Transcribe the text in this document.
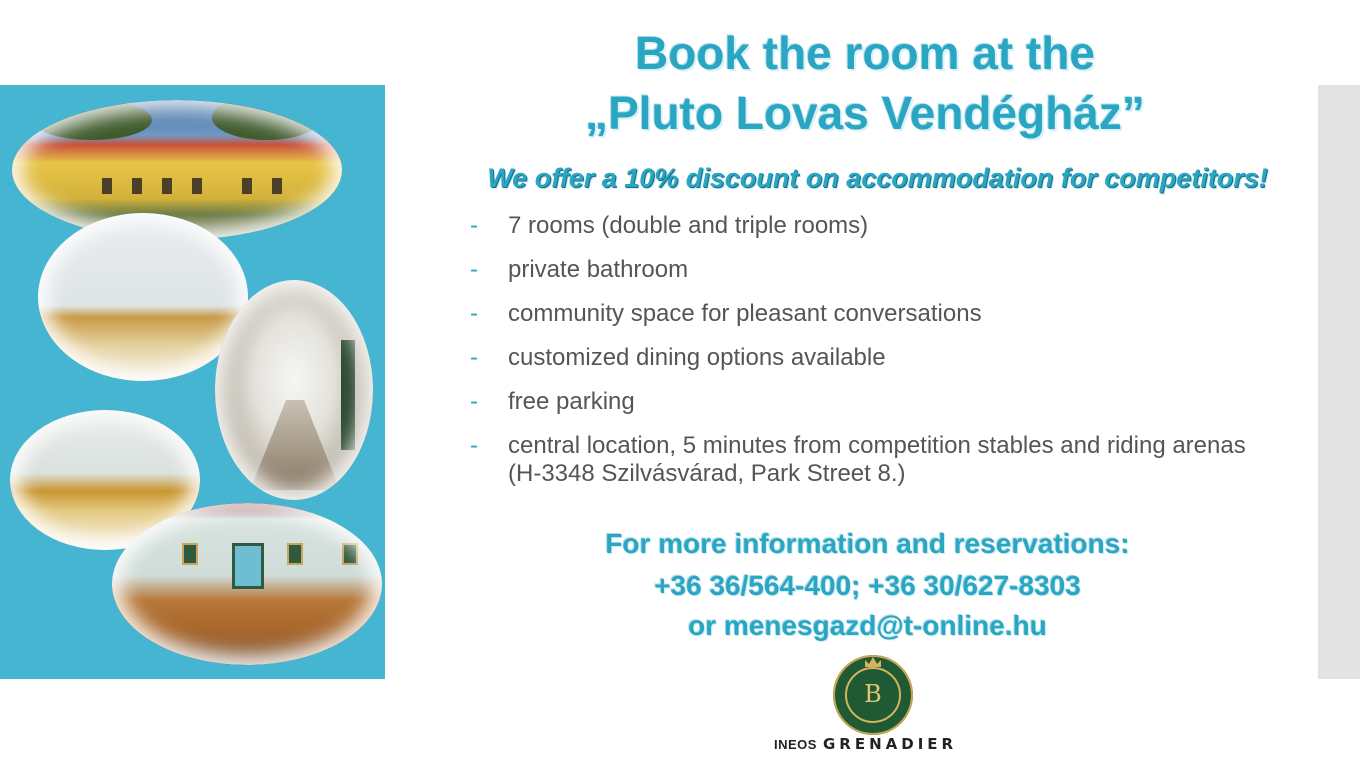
Book the room at the
„Pluto Lovas Vendégház”
We offer a 10% discount on accommodation for competitors!
- 7 rooms (double and triple rooms)
- private bathroom
- community space for pleasant conversations
- customized dining options available
- free parking
- central location, 5 minutes from competition stables and riding arenas (H-3348 Szilvásvárad, Park Street 8.)
For more information and reservations:
+36 36/564-400; +36 30/627-8303
or menesgazd@t-online.hu
B
INEOS GRENADIER
